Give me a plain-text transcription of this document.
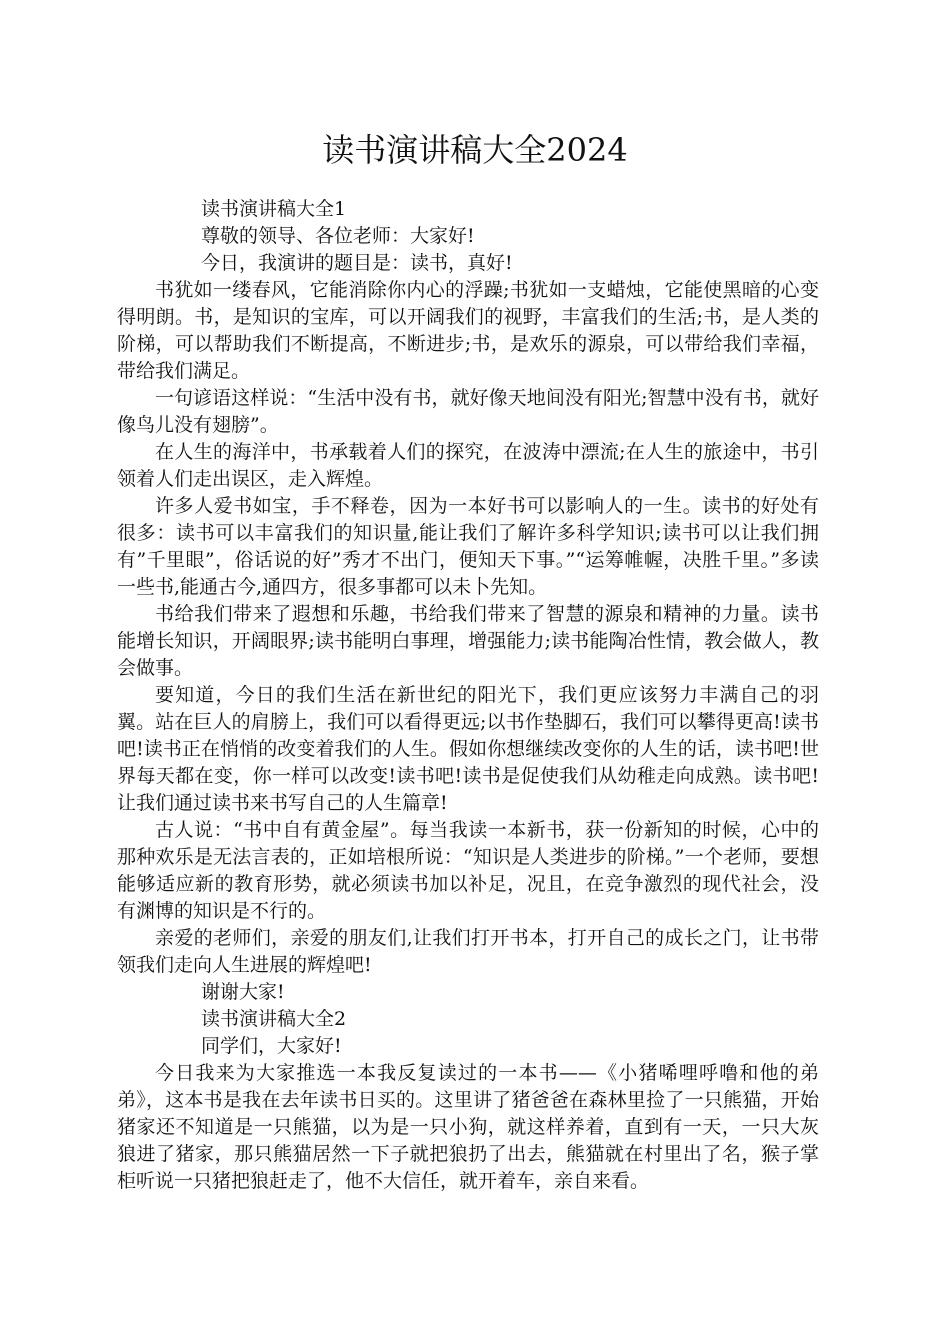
读书演讲稿大全2024

读书演讲稿大全1

尊敬的领导、各位老师：大家好!

今日，我演讲的题目是：读书，真好!

书犹如一缕春风，它能消除你内心的浮躁;书犹如一支蜡烛，它能使黑暗的心变得明朗。书，是知识的宝库，可以开阔我们的视野，丰富我们的生活;书，是人类的阶梯，可以帮助我们不断提高，不断进步;书，是欢乐的源泉，可以带给我们幸福，带给我们满足。

一句谚语这样说：“生活中没有书，就好像天地间没有阳光;智慧中没有书，就好像鸟儿没有翅膀”。

在人生的海洋中，书承载着人们的探究，在波涛中漂流;在人生的旅途中，书引领着人们走出误区，走入辉煌。

许多人爱书如宝，手不释卷，因为一本好书可以影响人的一生。读书的好处有很多：读书可以丰富我们的知识量,能让我们了解许多科学知识;读书可以让我们拥有”千里眼”，俗话说的好”秀才不出门，便知天下事。”“运筹帷幄，决胜千里。”多读一些书,能通古今,通四方，很多事都可以未卜先知。

书给我们带来了遐想和乐趣，书给我们带来了智慧的源泉和精神的力量。读书能增长知识，开阔眼界;读书能明白事理，增强能力;读书能陶冶性情，教会做人，教会做事。

要知道，今日的我们生活在新世纪的阳光下，我们更应该努力丰满自己的羽翼。站在巨人的肩膀上，我们可以看得更远;以书作垫脚石，我们可以攀得更高!读书吧!读书正在悄悄的改变着我们的人生。假如你想继续改变你的人生的话，读书吧!世界每天都在变，你一样可以改变!读书吧!读书是促使我们从幼稚走向成熟。读书吧!让我们通过读书来书写自己的人生篇章!

古人说：“书中自有黄金屋”。每当我读一本新书，获一份新知的时候，心中的那种欢乐是无法言表的，正如培根所说：“知识是人类进步的阶梯。”一个老师，要想能够适应新的教育形势，就必须读书加以补足，况且，在竞争激烈的现代社会，没有渊博的知识是不行的。

亲爱的老师们，亲爱的朋友们,让我们打开书本，打开自己的成长之门，让书带领我们走向人生进展的辉煌吧!

谢谢大家!

读书演讲稿大全2

同学们，大家好!

今日我来为大家推选一本我反复读过的一本书——《小猪唏哩呼噜和他的弟弟》，这本书是我在去年读书日买的。这里讲了猪爸爸在森林里捡了一只熊猫，开始猪家还不知道是一只熊猫，以为是一只小狗，就这样养着，直到有一天，一只大灰狼进了猪家，那只熊猫居然一下子就把狼扔了出去，熊猫就在村里出了名，猴子掌柜听说一只猪把狼赶走了，他不大信任，就开着车，亲自来看。
